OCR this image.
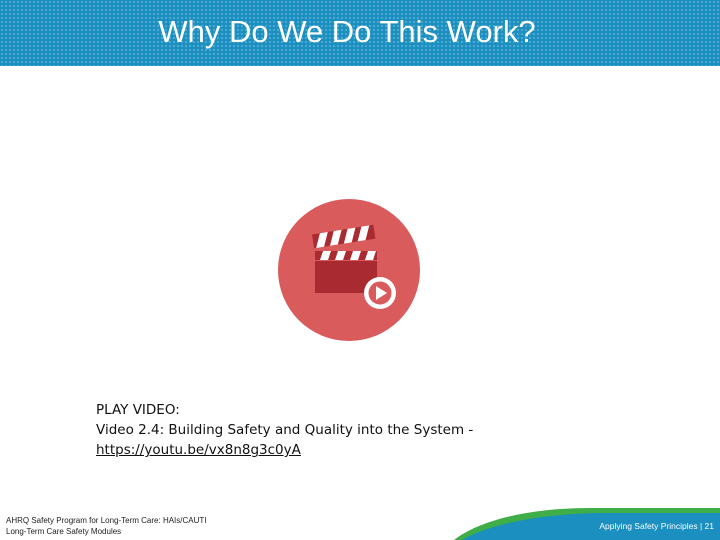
Why Do We Do This Work?
PLAY VIDEO:
Video 2.4: Building Safety and Quality into the System -
https://youtu.be/vx8n8g3c0yA
AHRQ Safety Program for Long-Term Care: HAIs/CAUTI
Long-Term Care Safety Modules
Applying Safety Principles | 21
